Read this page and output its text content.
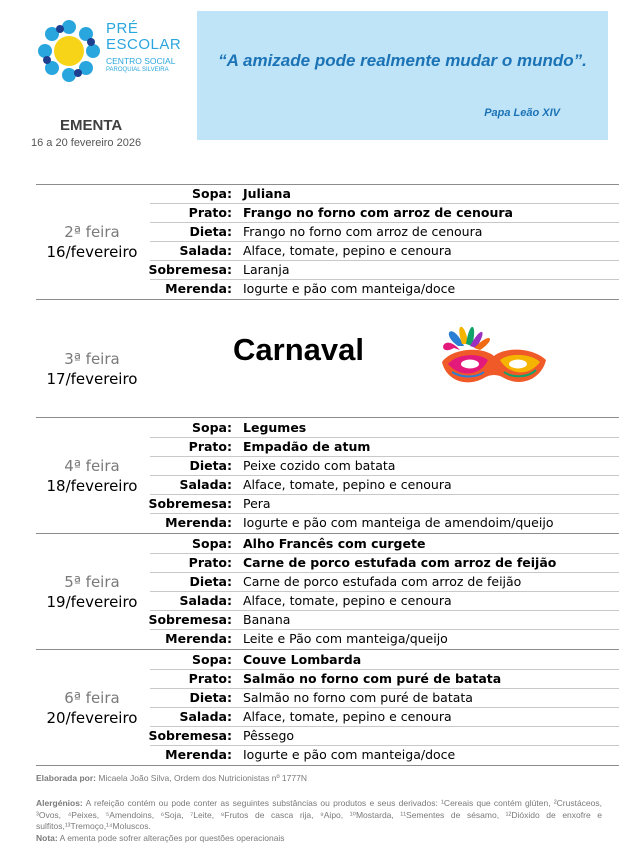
PRÉ
ESCOLAR
CENTRO SOCIAL
PAROQUIAL SILVEIRA	“A amizade pode realmente mudar o mundo”.
Papa Leão XIV
EMENTA
16 a 20 fevereiro 2026
2ª feira
16/fevereiro
Sopa: Juliana
Prato: Frango no forno com arroz de cenoura
Dieta: Frango no forno com arroz de cenoura
Salada: Alface, tomate, pepino e cenoura
Sobremesa: Laranja
Merenda: Iogurte e pão com manteiga/doce
3ª feira
17/fevereiro
Carnaval
4ª feira
18/fevereiro
Sopa: Legumes
Prato: Empadão de atum
Dieta: Peixe cozido com batata
Salada: Alface, tomate, pepino e cenoura
Sobremesa: Pera
Merenda: Iogurte e pão com manteiga de amendoim/queijo
5ª feira
19/fevereiro
Sopa: Alho Francês com curgete
Prato: Carne de porco estufada com arroz de feijão
Dieta: Carne de porco estufada com arroz de feijão
Salada: Alface, tomate, pepino e cenoura
Sobremesa: Banana
Merenda: Leite e Pão com manteiga/queijo
6ª feira
20/fevereiro
Sopa: Couve Lombarda
Prato: Salmão no forno com puré de batata
Dieta: Salmão no forno com puré de batata
Salada: Alface, tomate, pepino e cenoura
Sobremesa: Pêssego
Merenda: Iogurte e pão com manteiga/doce
Elaborada por: Micaela João Silva, Ordem dos Nutricionistas nº 1777N
Alergénios: A refeição contém ou pode conter as seguintes substâncias ou produtos e seus derivados: ¹Cereais que contém glúten, ²Crustáceos, ³Ovos, ⁴Peixes, ⁵Amendoins, ⁶Soja, ⁷Leite, ⁸Frutos de casca rija, ⁹Aipo, ¹⁰Mostarda, ¹¹Sementes de sésamo, ¹²Dióxido de enxofre e sulfitos,¹³Tremoço,¹⁴Moluscos.
Nota: A ementa pode sofrer alterações por questões operacionais
